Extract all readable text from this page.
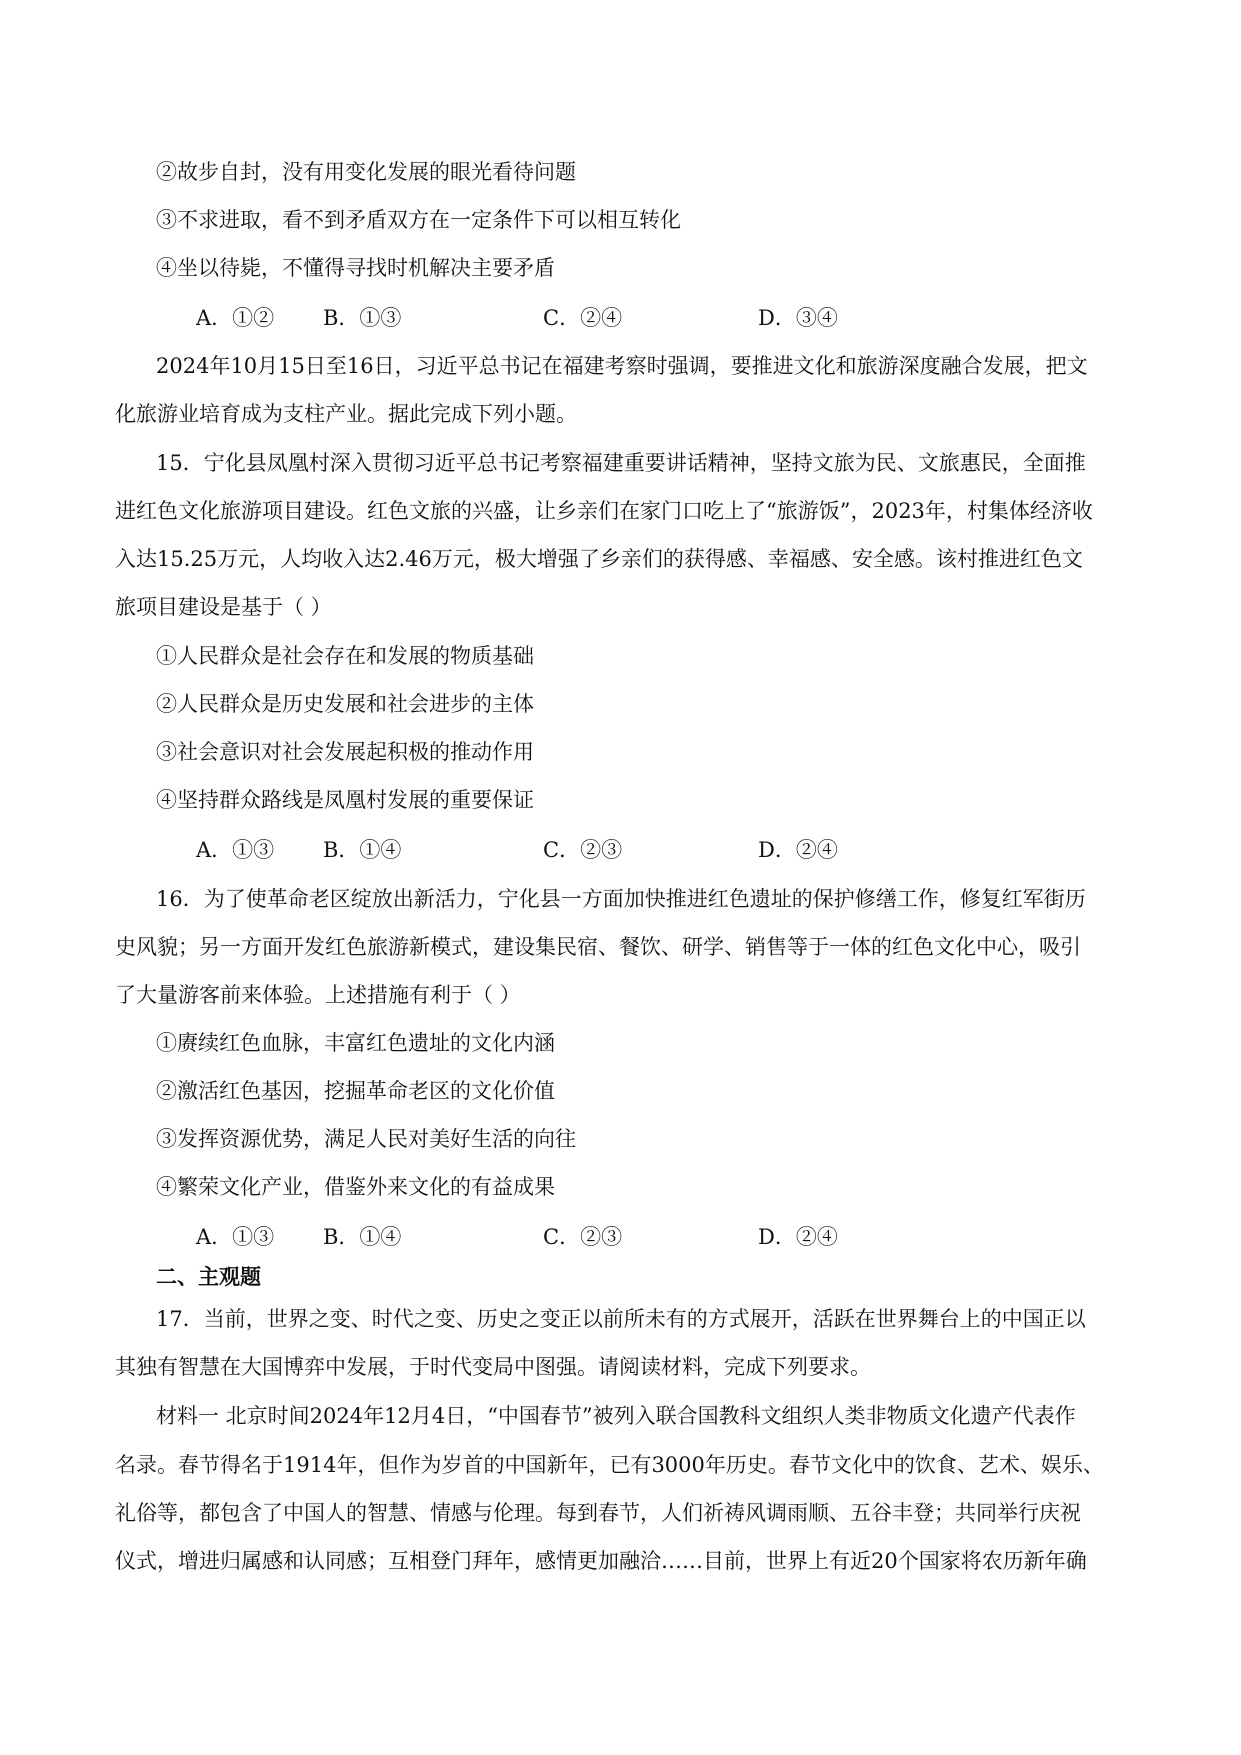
②故步自封，没有用变化发展的眼光看待问题
③不求进取，看不到矛盾双方在一定条件下可以相互转化
④坐以待毙，不懂得寻找时机解决主要矛盾
A．①② B．①③	C．②④	D．③④
2024年10月15日至16日，习近平总书记在福建考察时强调，要推进文化和旅游深度融合发展，把文
化旅游业培育成为支柱产业。据此完成下列小题。
15．宁化县凤凰村深入贯彻习近平总书记考察福建重要讲话精神，坚持文旅为民、文旅惠民，全面推
进红色文化旅游项目建设。红色文旅的兴盛，让乡亲们在家门口吃上了“旅游饭”，2023年，村集体经济收
入达15.25万元，人均收入达2.46万元，极大增强了乡亲们的获得感、幸福感、安全感。该村推进红色文
旅项目建设是基于（ ）
①人民群众是社会存在和发展的物质基础
②人民群众是历史发展和社会进步的主体
③社会意识对社会发展起积极的推动作用
④坚持群众路线是凤凰村发展的重要保证
A．①③ B．①④	C．②③	D．②④
16．为了使革命老区绽放出新活力，宁化县一方面加快推进红色遗址的保护修缮工作，修复红军街历
史风貌；另一方面开发红色旅游新模式，建设集民宿、餐饮、研学、销售等于一体的红色文化中心，吸引
了大量游客前来体验。上述措施有利于（ ）
①赓续红色血脉，丰富红色遗址的文化内涵
②激活红色基因，挖掘革命老区的文化价值
③发挥资源优势，满足人民对美好生活的向往
④繁荣文化产业，借鉴外来文化的有益成果
A．①③ B．①④	C．②③	D．②④
二、主观题
17．当前，世界之变、时代之变、历史之变正以前所未有的方式展开，活跃在世界舞台上的中国正以
其独有智慧在大国博弈中发展，于时代变局中图强。请阅读材料，完成下列要求。
材料一 北京时间2024年12月4日，“中国春节”被列入联合国教科文组织人类非物质文化遗产代表作
名录。春节得名于1914年，但作为岁首的中国新年，已有3000年历史。春节文化中的饮食、艺术、娱乐、
礼俗等，都包含了中国人的智慧、情感与伦理。每到春节，人们祈祷风调雨顺、五谷丰登；共同举行庆祝
仪式，增进归属感和认同感；互相登门拜年，感情更加融洽……目前，世界上有近20个国家将农历新年确
